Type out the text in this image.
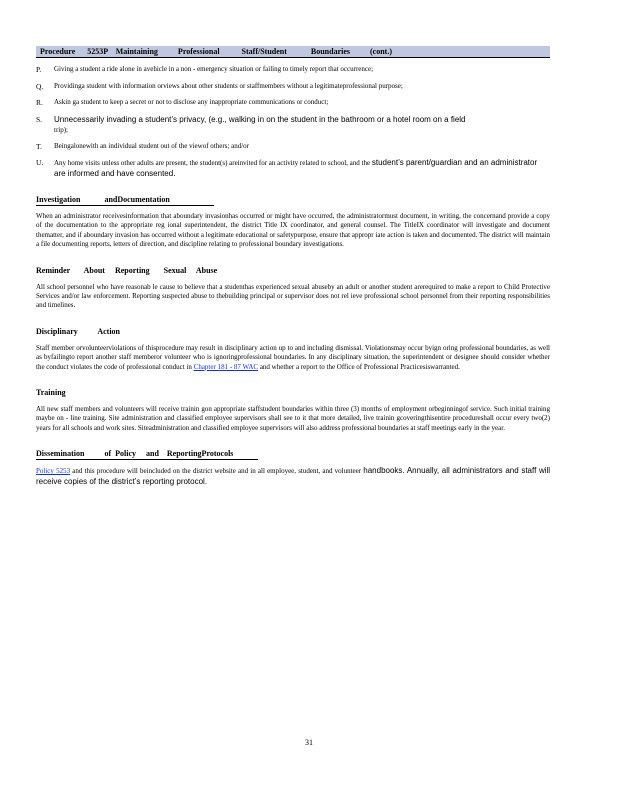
Procedure      5253P    Maintaining          Professional           Staff/Student            Boundaries          (cont.)
P. Giving a student a ride alone in avehicle in a non - emergency situation or failing to timely report that occurrence;
Q. Providinga student with information orviews about other students or staffmembers without a legitimateprofessional purpose;
R. Askin ga student to keep a secret or not to disclose any inappropriate communications or conduct;
S. Unnecessarily invading a student’s privacy, (e.g., walking in on the student in the bathroom or a hotel room on a field
trip);
T. Beingalonewith an individual student out of the viewof others; and/or
U. Any home visits unless other adults are present, the student(s) areinvited for an activity related to school, and the student’s parent/guardian and an administrator are informed and have consented.
Investigation            andDocumentation
When an administrator receivesinformation that aboundary invasionhas occurred or might have occurred, the administratormust document, in writing, the concernand provide a copy of the documentation to the appropriate reg ional superintendent, the district Title IX coordinator, and general counsel. The TitleIX coordinator will investigate and document thematter, and if aboundary invasion has occurred without a legitimate educational or safetypurpose, ensure that appropr iate action is taken and documented. The district will maintain a file documenting reports, letters of direction, and discipline relating to professional boundary investigations.
Reminder       About     Reporting       Sexual     Abuse
All school personnel who have reasonab le cause to believe that a studenthas experienced sexual abuseby an adult or another student arerequired to make a report to Child Protective Services and/or law enforcement. Reporting suspected abuse to thebuilding principal or supervisor does not rel ieve professional school personnel from their reporting responsibilities and timelines.
Disciplinary          Action
Staff member orvolunteerviolations of thisprocedure may result in disciplinary action up to and including dismissal. Violationsmay occur byign oring professional boundaries, as well as byfailingto report another staff memberor volunteer who is ignoringprofessional boundaries. In any disciplinary situation, the superintendent or designee should consider whether the conduct violates the code of professional conduct in Chapter 181 - 87 WAC and whether a report to the Office of Professional Practicesiswarranted.
Training
All new staff members and volunteers will receive trainin gon appropriate staffstudent boundaries within three (3) months of employment orbeginningof service. Such initial training maybe on - line training. Site administration and classified employee supervisors shall see to it that more detailed, live trainin gcoveringthisentire procedureshall occur every two(2) years for all schools and work sites. Siteadministration and classified employee supervisors will also address professional boundaries at staff meetings early in the year.
Dissemination          of  Policy     and    ReportingProtocols
Policy 5253 and this procedure will beincluded on the district website and in all employee, student, and volunteer handbooks. Annually, all administrators and staff will receive copies of the district’s reporting protocol.
31
